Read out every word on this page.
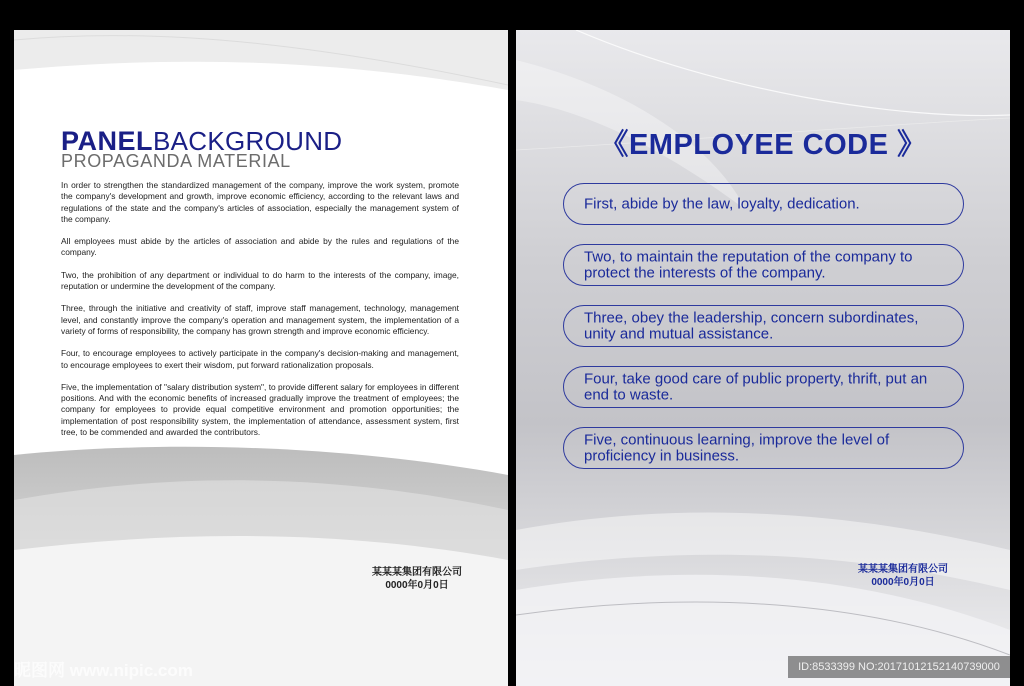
PANELBACKGROUND
PROPAGANDA MATERIAL

In order to strengthen the standardized management of the company, improve the work system, promote the company's development and growth, improve economic efficiency, according to the relevant laws and regulations of the state and the company's articles of association, especially the management system of the company.

All employees must abide by the articles of association and abide by the rules and regulations of the company.

Two, the prohibition of any department or individual to do harm to the interests of the company, image, reputation or undermine the development of the company.

Three, through the initiative and creativity of staff, improve staff management, technology, management level, and constantly improve the company's operation and management system, the implementation of a variety of forms of responsibility, the company has grown strength and improve economic efficiency.

Four, to encourage employees to actively participate in the company's decision-making and management, to encourage employees to exert their wisdom, put forward rationalization proposals.

Five, the implementation of "salary distribution system", to provide different salary for employees in different positions. And with the economic benefits of increased gradually improve the treatment of employees; the company for employees to provide equal competitive environment and promotion opportunities; the implementation of post responsibility system, the implementation of attendance, assessment system, first tree, to be commended and awarded the contributors.

某某某集团有限公司
0000年0月0日
《EMPLOYEE CODE 》
First, abide by the law, loyalty, dedication.
Two, to maintain the reputation of the company to protect the interests of the company.
Three, obey the leadership, concern subordinates, unity and mutual assistance.
Four, take good care of public property, thrift, put an end to waste.
Five, continuous learning, improve the level of proficiency in business.
某某某集团有限公司
0000年0月0日
昵图网 www.nipic.com	ID:8533399 NO:20171012152140739000
